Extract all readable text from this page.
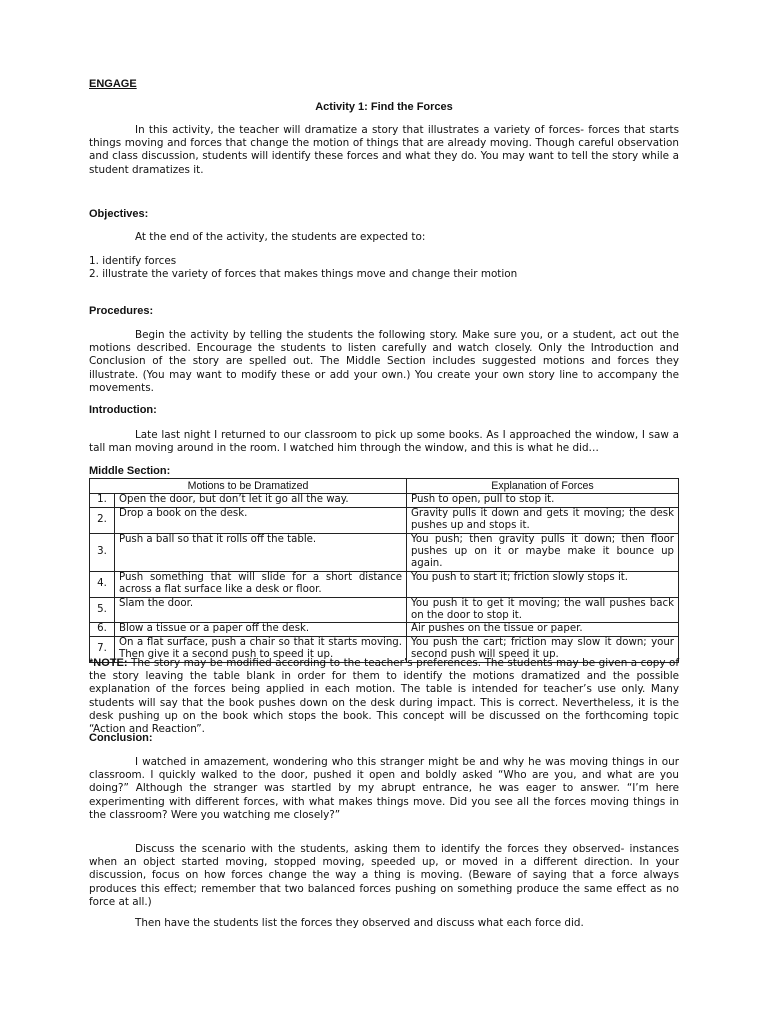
ENGAGE
Activity 1: Find the Forces

In this activity, the teacher will dramatize a story that illustrates a variety of forces- forces that starts things moving and forces that change the motion of things that are already moving. Though careful observation and class discussion, students will identify these forces and what they do. You may want to tell the story while a student dramatizes it.

Objectives:

At the end of the activity, the students are expected to:

1. identify forces

2. illustrate the variety of forces that makes things move and change their motion

Procedures:

Begin the activity by telling the students the following story. Make sure you, or a student, act out the motions described. Encourage the students to listen carefully and watch closely. Only the Introduction and Conclusion of the story are spelled out. The Middle Section includes suggested motions and forces they illustrate. (You may want to modify these or add your own.) You create your own story line to accompany the movements.

Introduction:

Late last night I returned to our classroom to pick up some books. As I approached the window, I saw a tall man moving around in the room. I watched him through the window, and this is what he did…

Middle Section:
Motions to be Dramatized		Explanation of Forces
1.	Open the door, but don’t let it go all the way.	Push to open, pull to stop it.
2.	Drop a book on the desk.	Gravity pulls it down and gets it moving; the desk pushes up and stops it.
3.	Push a ball so that it rolls off the table.	You push; then gravity pulls it down; then floor pushes up on it or maybe make it bounce up again.
4.	Push something that will slide for a short distance across a flat surface like a desk or floor.	You push to start it; friction slowly stops it.
5.	Slam the door.	You push it to get it moving; the wall pushes back on the door to stop it.
6.	Blow a tissue or a paper off the desk.	Air pushes on the tissue or paper.
7.	On a flat surface, push a chair so that it starts moving. Then give it a second push to speed it up.	You push the cart; friction may slow it down; your second push will speed it up.

*NOTE: The story may be modified according to the teacher’s preferences. The students may be given a copy of the story leaving the table blank in order for them to identify the motions dramatized and the possible explanation of the forces being applied in each motion. The table is intended for teacher’s use only. Many students will say that the book pushes down on the desk during impact. This is correct. Nevertheless, it is the desk pushing up on the book which stops the book. This concept will be discussed on the forthcoming topic “Action and Reaction”.

Conclusion:

I watched in amazement, wondering who this stranger might be and why he was moving things in our classroom. I quickly walked to the door, pushed it open and boldly asked “Who are you, and what are you doing?” Although the stranger was startled by my abrupt entrance, he was eager to answer. “I’m here experimenting with different forces, with what makes things move. Did you see all the forces moving things in the classroom? Were you watching me closely?”

Discuss the scenario with the students, asking them to identify the forces they observed- instances when an object started moving, stopped moving, speeded up, or moved in a different direction. In your discussion, focus on how forces change the way a thing is moving. (Beware of saying that a force always produces this effect; remember that two balanced forces pushing on something produce the same effect as no force at all.)

Then have the students list the forces they observed and discuss what each force did.
